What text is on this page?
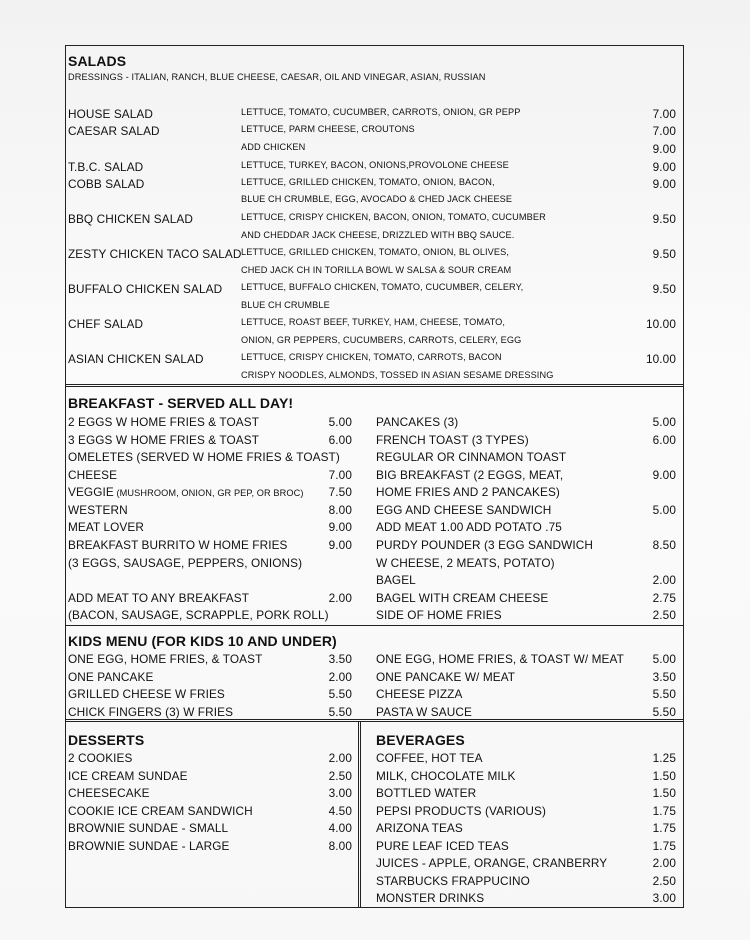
SALADS
DRESSINGS - ITALIAN, RANCH, BLUE CHEESE, CAESAR, OIL AND VINEGAR, ASIAN, RUSSIAN
HOUSE SALAD	LETTUCE, TOMATO, CUCUMBER, CARROTS, ONION, GR PEPP	7.00
CAESAR SALAD	LETTUCE, PARM CHEESE, CROUTONS	7.00
ADD CHICKEN	9.00
T.B.C. SALAD	LETTUCE, TURKEY, BACON, ONIONS,PROVOLONE CHEESE	9.00
COBB SALAD	LETTUCE, GRILLED CHICKEN, TOMATO, ONION, BACON,
BLUE CH CRUMBLE, EGG, AVOCADO & CHED JACK CHEESE
9.00
BBQ CHICKEN SALAD	LETTUCE, CRISPY CHICKEN, BACON, ONION, TOMATO, CUCUMBER
AND CHEDDAR JACK CHEESE, DRIZZLED WITH BBQ SAUCE.
9.50
ZESTY CHICKEN TACO SALAD LETTUCE, GRILLED CHICKEN, TOMATO, ONION, BL OLIVES,
CHED JACK CH IN TORILLA BOWL W SALSA & SOUR CREAM
9.50
BUFFALO CHICKEN SALAD LETTUCE, BUFFALO CHICKEN, TOMATO, CUCUMBER, CELERY,
BLUE CH CRUMBLE
9.50
CHEF SALAD	LETTUCE, ROAST BEEF, TURKEY, HAM, CHEESE, TOMATO,
ONION, GR PEPPERS, CUCUMBERS, CARROTS, CELERY, EGG
10.00
ASIAN CHICKEN SALAD	LETTUCE, CRISPY CHICKEN, TOMATO, CARROTS, BACON
CRISPY NOODLES, ALMONDS, TOSSED IN ASIAN SESAME DRESSING
10.00
BREAKFAST - SERVED ALL DAY!
2 EGGS W HOME FRIES & TOAST	5.00
3 EGGS W HOME FRIES & TOAST	6.00
OMELETES (SERVED W HOME FRIES & TOAST)
CHEESE	7.00
VEGGIE (MUSHROOM, ONION, GR PEP, OR BROC)	7.50
WESTERN	8.00
MEAT LOVER	9.00
BREAKFAST BURRITO W HOME FRIES	9.00
(3 EGGS, SAUSAGE, PEPPERS, ONIONS)
ADD MEAT TO ANY BREAKFAST	2.00
(BACON, SAUSAGE, SCRAPPLE, PORK ROLL)
PANCAKES (3)	5.00
FRENCH TOAST (3 TYPES)	6.00
REGULAR OR CINNAMON TOAST
BIG BREAKFAST (2 EGGS, MEAT,	9.00
HOME FRIES AND 2 PANCAKES)
EGG AND CHEESE SANDWICH	5.00
ADD MEAT 1.00 ADD POTATO .75
PURDY POUNDER (3 EGG SANDWICH	8.50
W CHEESE, 2 MEATS, POTATO)
BAGEL	2.00
BAGEL WITH CREAM CHEESE	2.75
SIDE OF HOME FRIES	2.50
KIDS MENU (FOR KIDS 10 AND UNDER)
ONE EGG, HOME FRIES, & TOAST	3.50
ONE PANCAKE	2.00
GRILLED CHEESE W FRIES	5.50
CHICK FINGERS (3) W FRIES	5.50
ONE EGG, HOME FRIES, & TOAST W/ MEAT	5.00
ONE PANCAKE W/ MEAT	3.50
CHEESE PIZZA	5.50
PASTA W SAUCE	5.50
DESSERTS
2 COOKIES	2.00
ICE CREAM SUNDAE	2.50
CHEESECAKE	3.00
COOKIE ICE CREAM SANDWICH	4.50
BROWNIE SUNDAE - SMALL	4.00
BROWNIE SUNDAE - LARGE	8.00
BEVERAGES
COFFEE, HOT TEA	1.25
MILK, CHOCOLATE MILK	1.50
BOTTLED WATER	1.50
PEPSI PRODUCTS (VARIOUS)	1.75
ARIZONA TEAS	1.75
PURE LEAF ICED TEAS	1.75
JUICES - APPLE, ORANGE, CRANBERRY	2.00
STARBUCKS FRAPPUCINO	2.50
MONSTER DRINKS	3.00
